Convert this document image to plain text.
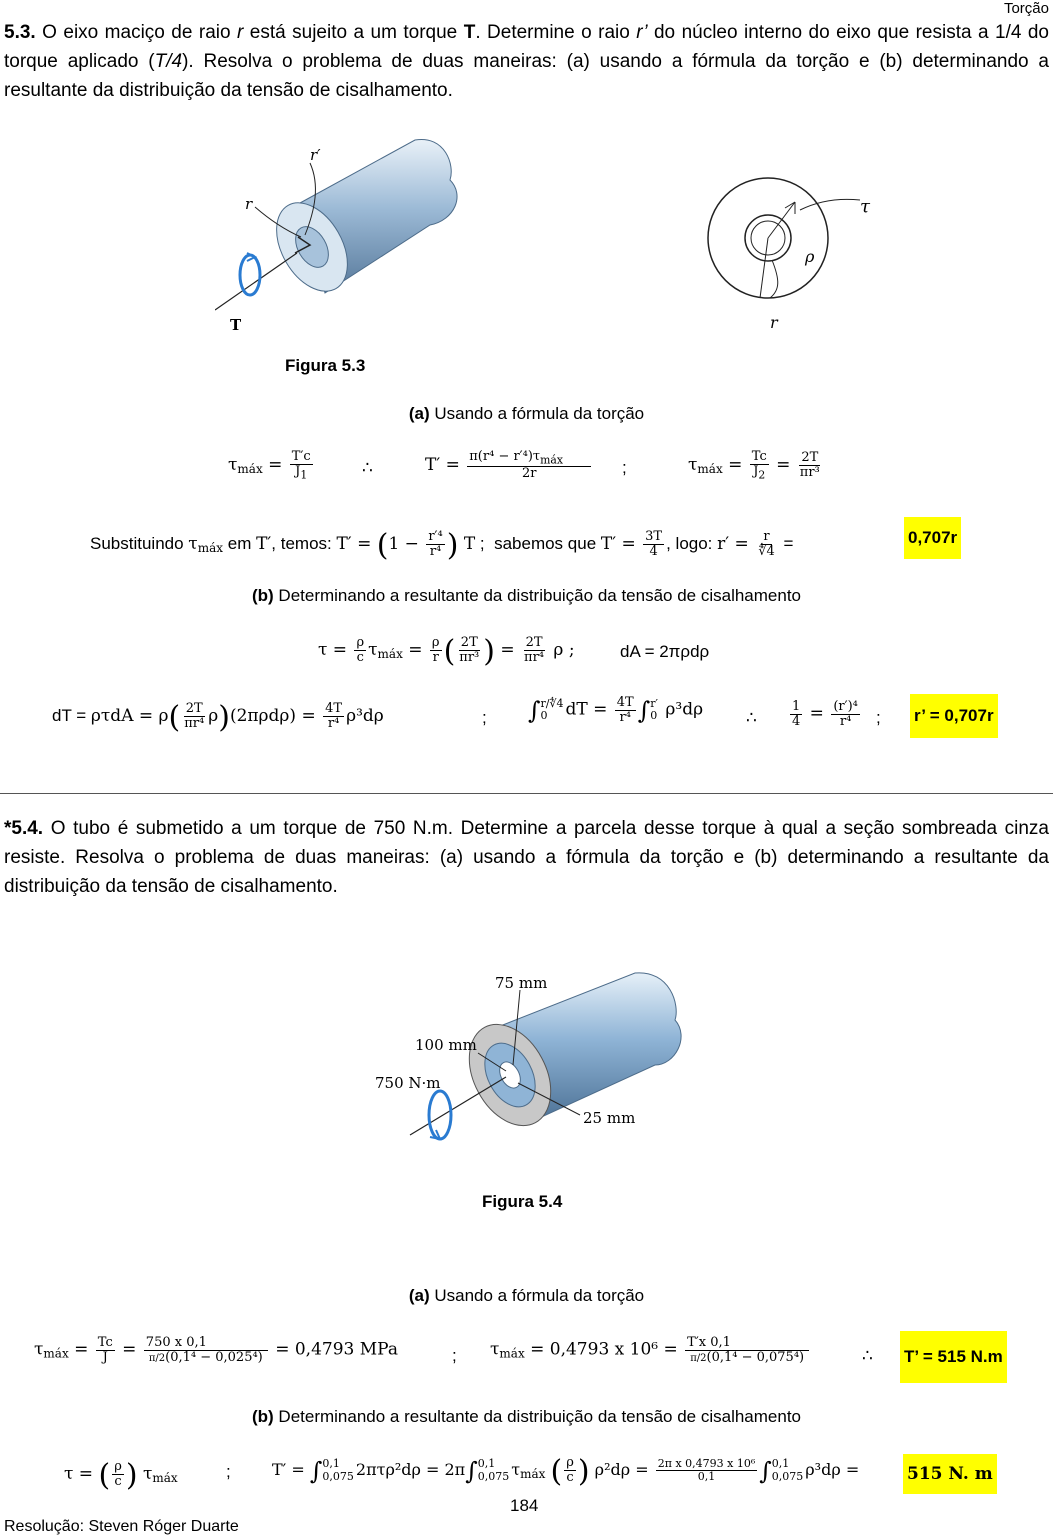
Torção
5.3. O eixo maciço de raio r está sujeito a um torque T. Determine o raio r’ do núcleo interno do eixo que resista a 1/4 do torque aplicado (T/4). Resolva o problema de duas maneiras: (a) usando a fórmula da torção e (b) determinando a resultante da distribuição da tensão de cisalhamento.
r′
r
T
τ
ρ
r
Figura 5.3
(a) Usando a fórmula da torção
$\tau_{máx} = \frac{T'c}{J_1}$	∴	$T' = \frac{\pi(r^4 - r'^4)\tau_{máx}}{2r}$ ;	$\tau_{máx} = \frac{Tc}{J_2} = \frac{2T}{\text{πr³}}$
Substituindo $\tau_{máx}$ em T′, temos: $T' = (1 - \frac{\text{r′⁴}}{\text{r⁴}}$ ) T ;  sabemos que $T' = \frac{3T}{4}$ , logo: $r' = \frac{r}{∜4}$ =	0,707r
(b) Determinando a resultante da distribuição da tensão de cisalhamento
$\tau = \frac{\rho}{c} \tau_{máx} = \frac{\rho}{r}$ ( $\frac{2T}{\text{πr³}}$ ) = $\frac{2T}{\text{πr⁴}}$ ρ ;	dA = 2πρdρ
dT = $\rho\tau dA = \rho( \frac{2T}{\text{πr⁴}} \rho)(2\pi\rho d\rho) = \frac{4T}{\text{r⁴}} \rho^3d\rho$	; ∫ r/∜4
0	dT = $\frac{4T}{\text{r⁴}}$ ∫ r′
0 ρ³dρ	∴	$\frac{1}{4} = \frac{\text{(r′)⁴}}{\text{r⁴}}$ ; r’ = 0,707r
*5.4. O tubo é submetido a um torque de 750 N.m. Determine a parcela desse torque à qual a seção sombreada cinza resiste. Resolva o problema de duas maneiras: (a) usando a fórmula da torção e (b) determinando a resultante da distribuição da tensão de cisalhamento.
75 mm
100 mm
750 N·m
25 mm
Figura 5.4
(a) Usando a fórmula da torção
$\tau_{máx} = \frac{Tc}{J} = \frac{750 x 0,1}{\text{π/2(0,1⁴ − 0,025⁴)}} = 0,4793$ MPa	; $\tau_{máx} = 0,4793$ x $10^6 = \frac{T'x 0,1}{\text{π/2(0,1⁴ − 0,075⁴)}}$	∴ T’ = 515 N.m
(b) Determinando a resultante da distribuição da tensão de cisalhamento
τ = ( $\frac{\rho}{c}$ ) $\tau_{máx}$	;	T′ = ∫ 0,1
0,075 2πτρ²dρ = 2π∫ 0,1
0,075 $\tau_{máx}$ ( $\frac{\rho}{c}$ ) $\rho^2d\rho = \frac{\text{2π x 0,4793 x 10⁶}}{0,1}$ ∫ 0,1
0,075 ρ³dρ =	515 N. m
184
Resolução: Steven Róger Duarte
